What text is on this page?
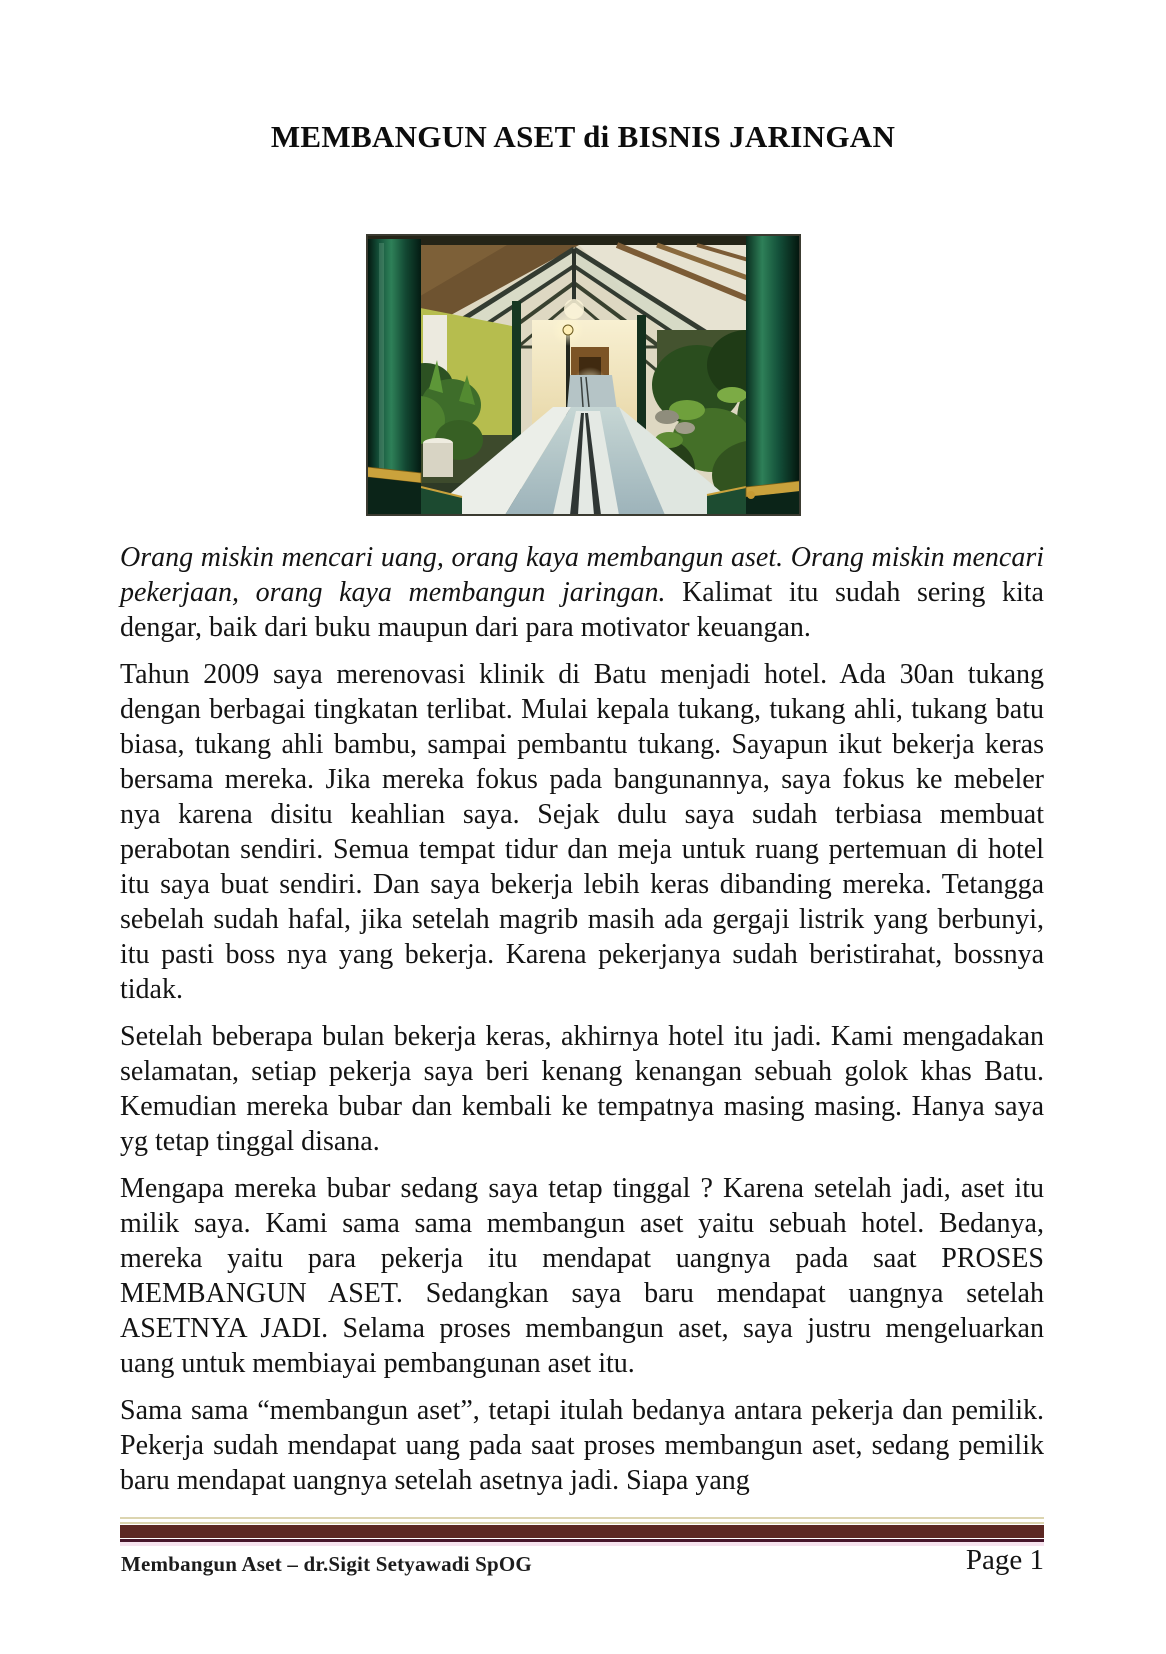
MEMBANGUN ASET di BISNIS JARINGAN

Orang miskin mencari uang, orang kaya membangun aset. Orang miskin mencari pekerjaan, orang kaya membangun jaringan. Kalimat itu sudah sering kita dengar, baik dari buku maupun dari para motivator keuangan.

Tahun 2009 saya merenovasi klinik di Batu menjadi hotel. Ada 30an tukang dengan berbagai tingkatan terlibat. Mulai kepala tukang, tukang ahli, tukang batu biasa, tukang ahli bambu, sampai pembantu tukang. Sayapun ikut bekerja keras bersama mereka. Jika mereka fokus pada bangunannya, saya fokus ke mebeler nya karena disitu keahlian saya. Sejak dulu saya sudah terbiasa membuat perabotan sendiri. Semua tempat tidur dan meja untuk ruang pertemuan di hotel itu saya buat sendiri. Dan saya bekerja lebih keras dibanding mereka. Tetangga sebelah sudah hafal, jika setelah magrib masih ada gergaji listrik yang berbunyi, itu pasti boss nya yang bekerja. Karena pekerjanya sudah beristirahat, bossnya tidak.

Setelah beberapa bulan bekerja keras, akhirnya hotel itu jadi. Kami mengadakan selamatan, setiap pekerja saya beri kenang kenangan sebuah golok khas Batu. Kemudian mereka bubar dan kembali ke tempatnya masing masing. Hanya saya yg tetap tinggal disana.

Mengapa mereka bubar sedang saya tetap tinggal ? Karena setelah jadi, aset itu milik saya. Kami sama sama membangun aset yaitu sebuah hotel. Bedanya, mereka yaitu para pekerja itu mendapat uangnya pada saat PROSES MEMBANGUN ASET. Sedangkan saya baru mendapat uangnya setelah ASETNYA JADI. Selama proses membangun aset, saya justru mengeluarkan uang untuk membiayai pembangunan aset itu.

Sama sama “membangun aset”, tetapi itulah bedanya antara pekerja dan pemilik. Pekerja sudah mendapat uang pada saat proses membangun aset, sedang pemilik baru mendapat uangnya setelah asetnya jadi. Siapa yang

Membangun Aset – dr.Sigit Setyawadi SpOG	Page 1
